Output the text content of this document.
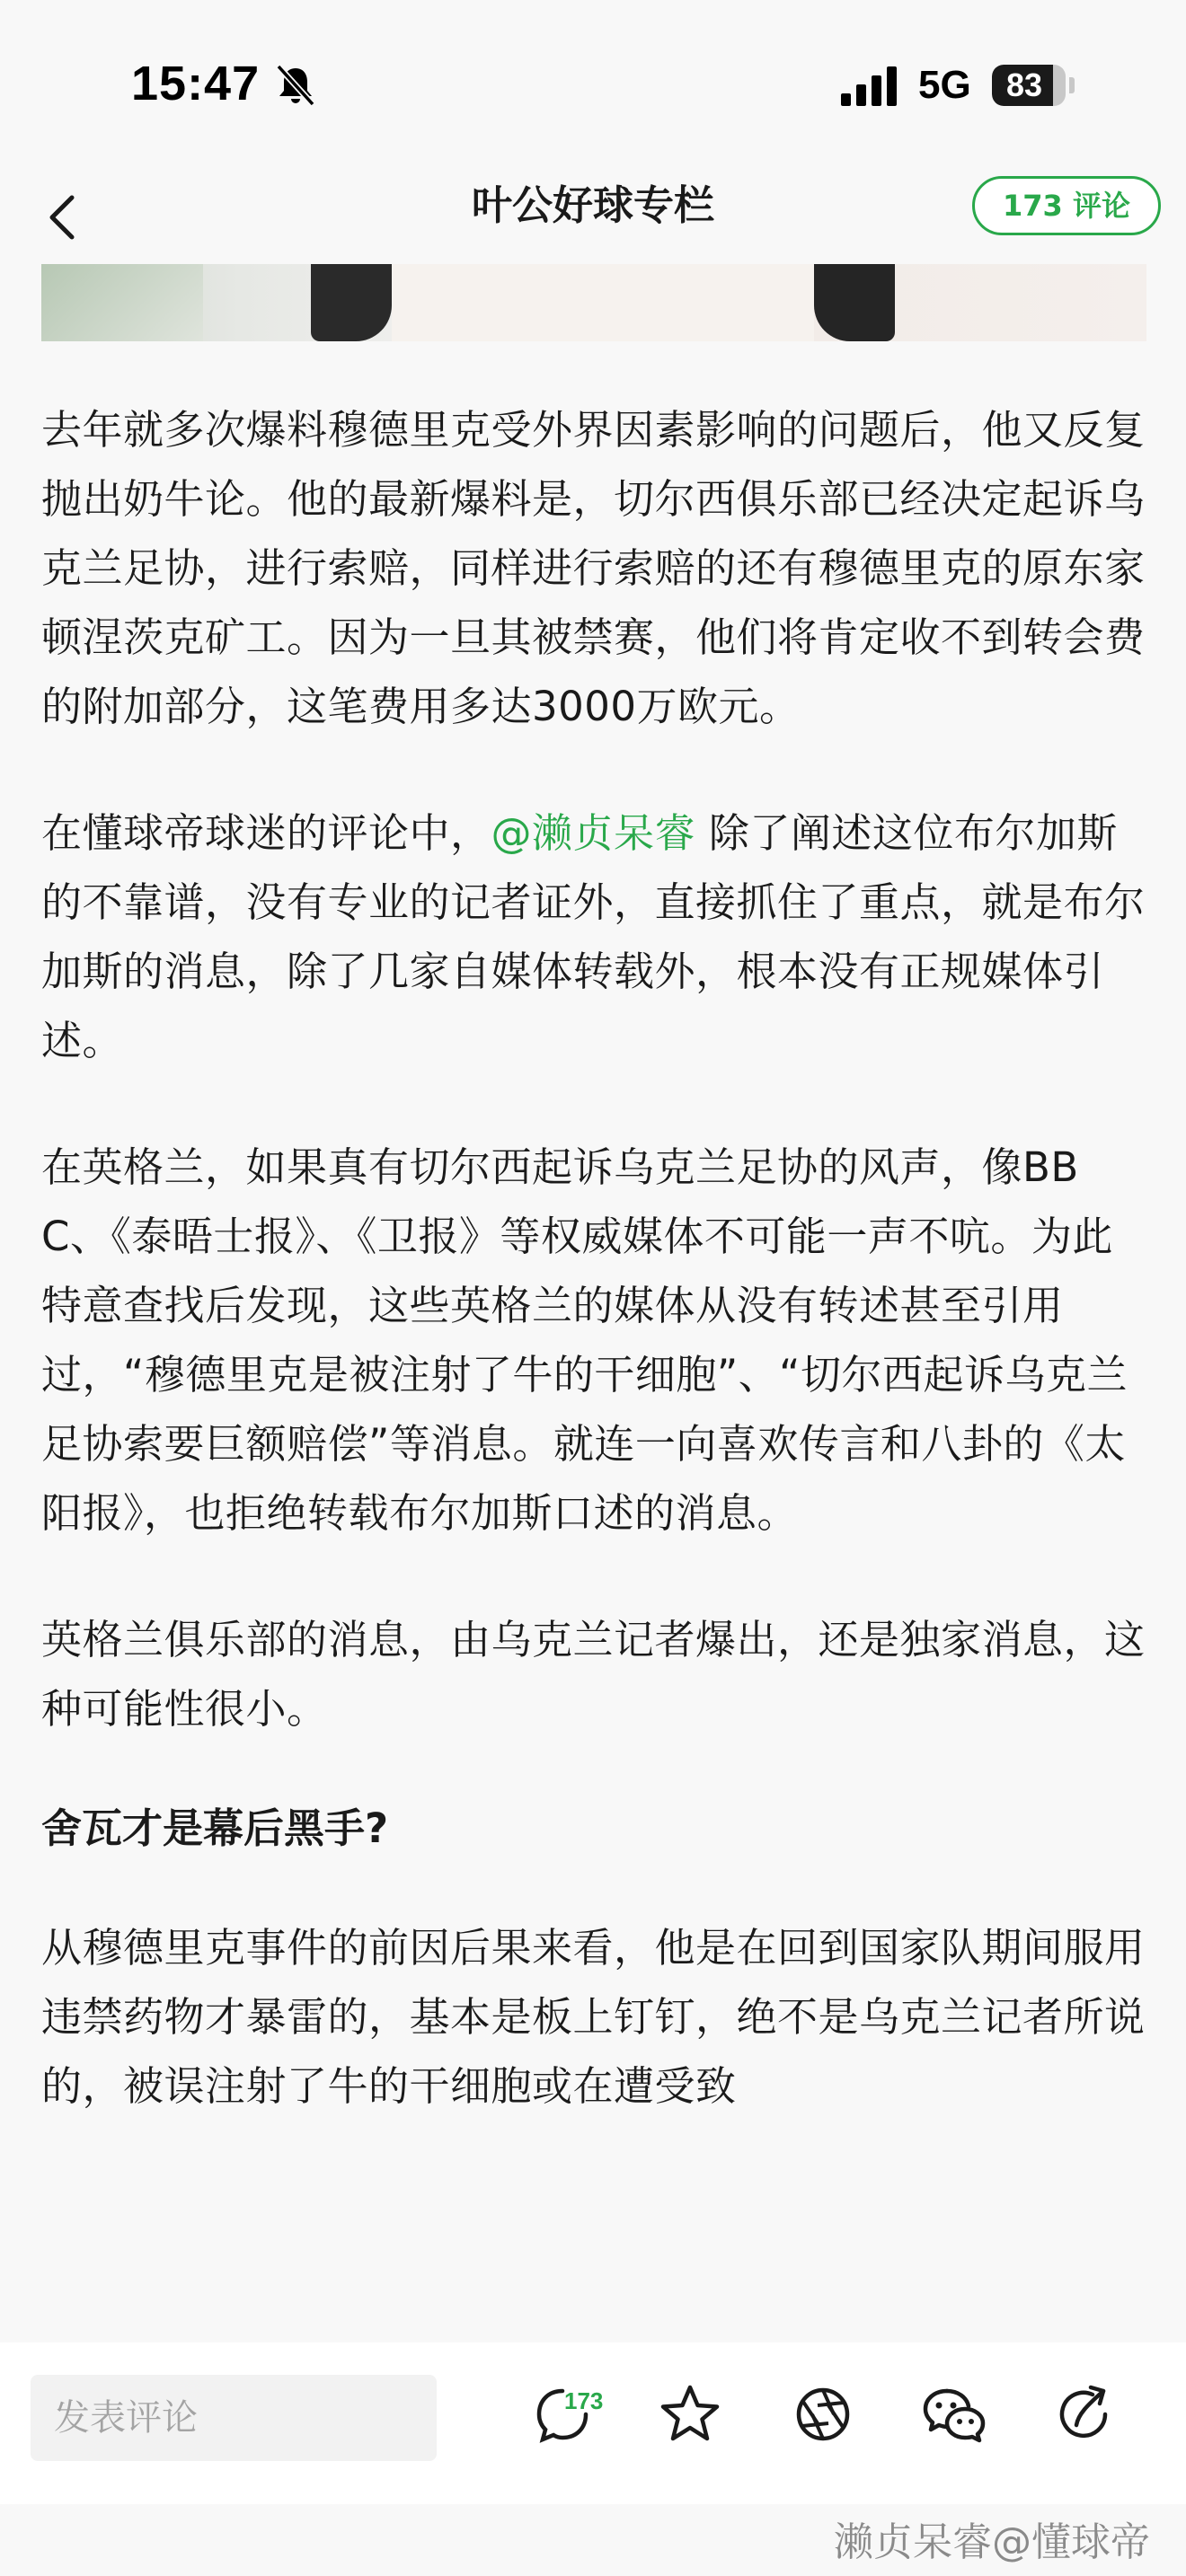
15:47	5G	83
叶公好球专栏	173 评论

去年就多次爆料穆德里克受外界因素影响的问题后，他又反复抛出奶牛论。他的最新爆料是，切尔西俱乐部已经决定起诉乌克兰足协，进行索赔，同样进行索赔的还有穆德里克的原东家顿涅茨克矿工。因为一旦其被禁赛，他们将肯定收不到转会费的附加部分，这笔费用多达3000万欧元。

在懂球帝球迷的评论中，@濑贞呆睿 除了阐述这位布尔加斯的不靠谱，没有专业的记者证外，直接抓住了重点，就是布尔加斯的消息，除了几家自媒体转载外，根本没有正规媒体引述。

在英格兰，如果真有切尔西起诉乌克兰足协的风声，像BBC、《泰晤士报》、《卫报》等权威媒体不可能一声不吭。为此特意查找后发现，这些英格兰的媒体从没有转述甚至引用过，“穆德里克是被注射了牛的干细胞”、“切尔西起诉乌克兰足协索要巨额赔偿”等消息。就连一向喜欢传言和八卦的《太阳报》，也拒绝转载布尔加斯口述的消息。

英格兰俱乐部的消息，由乌克兰记者爆出，还是独家消息，这种可能性很小。

舍瓦才是幕后黑手?

从穆德里克事件的前因后果来看，他是在回到国家队期间服用违禁药物才暴雷的，基本是板上钉钉，绝不是乌克兰记者所说的，被误注射了牛的干细胞或在遭受致

发表评论
173
濑贞呆睿@懂球帝
